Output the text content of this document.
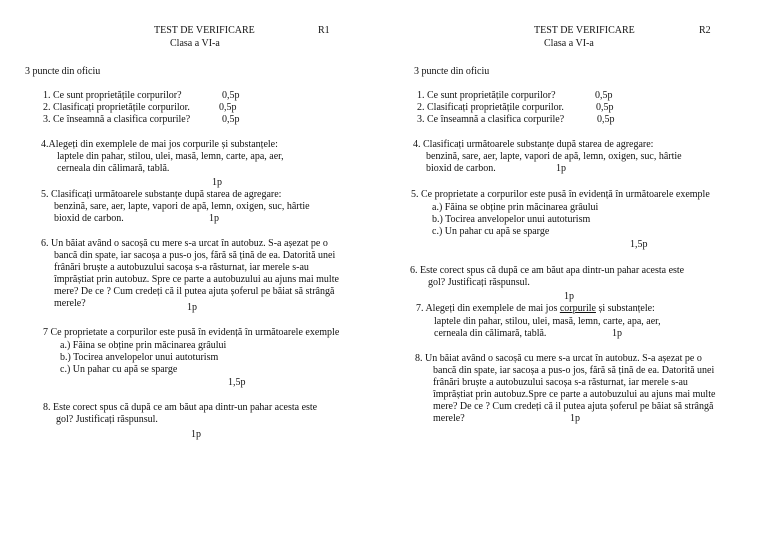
TEST DE VERIFICARE	R1
Clasa a VI-a
3 puncte din oficiu
1. Ce sunt proprietățile corpurilor?	0,5p
2. Clasificați proprietățile corpurilor.	0,5p
3. Ce înseamnă a clasifica corpurile?	0,5p
4.Alegeți din exemplele de mai jos corpurile și substanțele:
laptele din pahar, stilou, ulei, masă, lemn, carte, apa, aer,
cerneala din călimară, tablă.
1p
5. Clasificați următoarele substanțe după starea de agregare:
benzină, sare, aer, lapte, vapori de apă, lemn, oxigen, suc, hârtie
bioxid de carbon.	1p
6. Un băiat având o sacoșă cu mere s-a urcat în autobuz. S-a așezat pe o
bancă din spate, iar sacoșa a pus-o jos, fără să țină de ea. Datorită unei
frânări bruște a autobuzului sacoșa s-a răsturnat, iar merele s-au
împrăștiat prin autobuz. Spre ce parte a autobuzului au ajuns mai multe
mere? De ce ? Cum credeți că il putea ajuta șoferul pe băiat să strângă
merele?	1p
7 Ce proprietate a corpurilor este pusă în evidență în următoarele exemple
a.) Făina se obține prin măcinarea grâului
b.) Tocirea anvelopelor unui autoturism
c.) Un pahar cu apă se sparge
1,5p
8. Este corect spus că după ce am băut apa dintr-un pahar acesta este
gol? Justificați răspunsul.
1p
TEST DE VERIFICARE	R2
Clasa a VI-a
3 puncte din oficiu
1. Ce sunt proprietățile corpurilor?	0,5p
2. Clasificați proprietățile corpurilor.	0,5p
3. Ce înseamnă a clasifica corpurile?	0,5p
4. Clasificați următoarele substanțe după starea de agregare:
benzină, sare, aer, lapte, vapori de apă, lemn, oxigen, suc, hârtie
bioxid de carbon.	1p
5. Ce proprietate a corpurilor este pusă în evidență în următoarele exemple
a.) Făina se obține prin măcinarea grâului
b.) Tocirea anvelopelor unui autoturism
c.) Un pahar cu apă se sparge
1,5p
6. Este corect spus că după ce am băut apa dintr-un pahar acesta este
gol? Justificați răspunsul.
1p
7. Alegeți din exemplele de mai jos corpurile și substanțele:
laptele din pahar, stilou, ulei, masă, lemn, carte, apa, aer,
cerneala din călimară, tablă.	1p
8. Un băiat având o sacoșă cu mere s-a urcat în autobuz. S-a așezat pe o
bancă din spate, iar sacoșa a pus-o jos, fără să țină de ea. Datorită unei
frânări bruște a autobuzului sacoșa s-a răsturnat, iar merele s-au
împrăștiat prin autobuz.Spre ce parte a autobuzului au ajuns mai multe
mere? De ce ? Cum credeți că il putea ajuta șoferul pe băiat să strângă
merele?	1p
